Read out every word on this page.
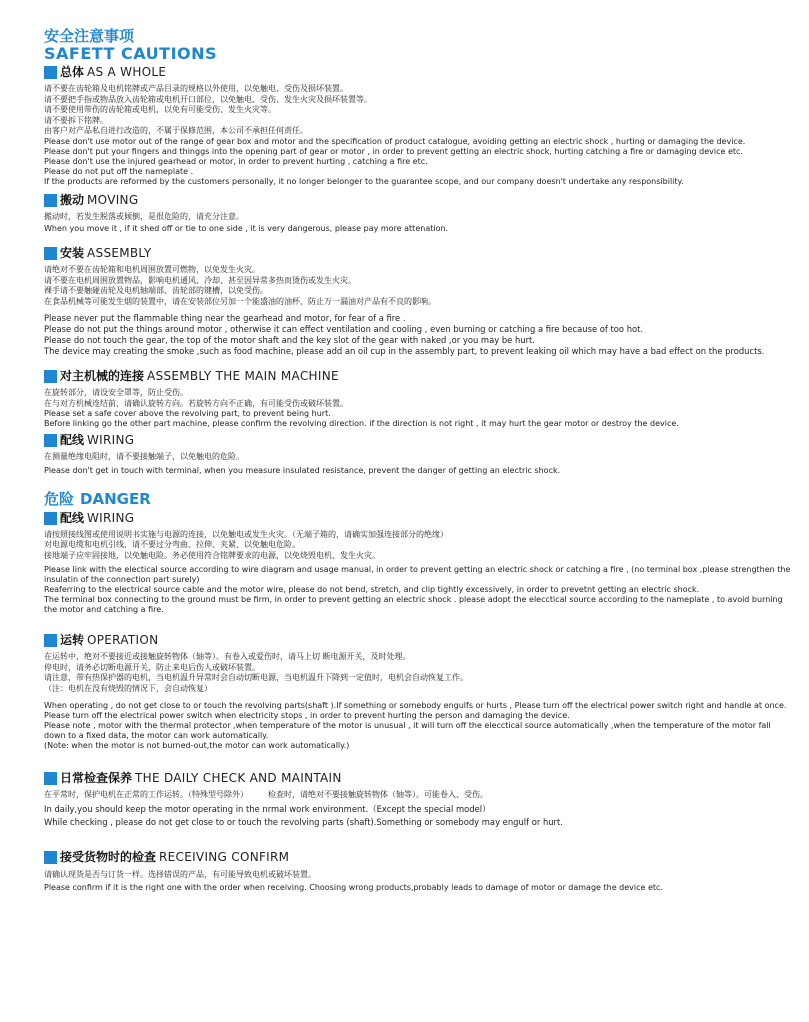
安全注意事项
SAFETT CAUTIONS
总体 AS A WHOLE
请不要在齿轮箱及电机铭牌或产品目录的规格以外使用，以免触电、受伤及损坏装置。
请不要把手指或物品放入齿轮箱或电机开口部位，以免触电、受伤、发生火灾及损坏装置等。
请不要使用带伤的齿轮箱或电机，以免有可能受伤、发生火灾等。
请不要拆下铭牌。
由客户对产品私自进行改造的，不属于保修范围，本公司不承担任何责任。
Please don't use motor out of the range of gear box and motor and the specification of product catalogue, avoiding getting an electric shock , hurting or damaging the device.
Please don't put your fingers and thinggs into the opening part of gear or motor , in order to prevent getting an electric shock, hurting catching a fire or damaging device etc.
Please don't use the injured gearhead or motor, in order to prevent hurting , catching a fire etc.
Please do not put off the nameplate .
If the products are reformed by the customers personally, it no longer belonger to the guarantee scope, and our company doesn't undertake any responsibility.
搬动 MOVING
搬动时，若发生脱落或倾倒，是很危险的，请充分注意。
When you move it , if it shed off or tie to one side , it is very dangerous, please pay more attenation.
安装 ASSEMBLY
请绝对不要在齿轮箱和电机周围放置可燃物，以免发生火灾。
请不要在电机周围放置物品，影响电机通风、冷却、甚至因异常多热而烫伤或发生火灾。
裸手请不要触碰齿轮及电机轴端部、齿轮部的键槽，以免受伤。
在食品机械等可能发生烟的装置中，请在安装部位另加一个能盛油的油杯，防止万一漏油对产品有不良的影响。
Please never put the flammable thing near the gearhead and motor, for fear of a fire .
Please do not put the things around motor , otherwise it can effect ventilation and cooling , even burning or catching a fire because of too hot.
Please do not touch the gear, the top of the motor shaft and the key slot of the gear with naked ,or you may be hurt.
The device may creating the smoke ,such as food machine, please add an oil cup in the assembly part, to prevent leaking oil which may have a bad effect on the products.
对主机械的连接 ASSEMBLY THE MAIN MACHINE
在旋转部分，请设安全罩等，防止受伤。
在与对方机械连结前，请确认旋转方向。若旋转方向不正确，有可能受伤或破坏装置。
Please set a safe cover above the revolving part, to prevent being hurt.
Before linking go the other part machine, please confirm the revolving direction. if the direction is not right , it may hurt the gear motor or destroy the device.
配线 WIRING
在测量绝缘电阻时，请不要接触端子，以免触电的危险。
Please don't get in touch with terminal, when you measure insulated resistance, prevent the danger of getting an electric shock.
危险 DANGER
配线 WIRING
请按照接线图或使用说明书实施与电源的连接，以免触电或发生火灾。（无端子箱的，请确实加强连接部分的绝缘）
对电源电缆和电机引线，请不要过分弯曲、拉伸、夹紧、以免触电危险。
接地端子应牢固接地，以免触电险。务必使用符合铭牌要求的电源，以免烧毁电机、发生火灾。
Please link with the electical source according to wire diagram and usage manual, in order to prevent getting an electric shock or catching a fire , (no terminal box ,please strengthen the insulatin of the connection part surely)
Reaferring to the electrical source cable and the motor wire, please do not bend, stretch, and clip tightly excessively, in order to prevetnt getting an electric shock.
The terminal box connecting to the ground must be firm, in order to prevent getting an electric shock . please adopt the elecctical source according to the nameplate , to avoid burning the motor and catching a fire.
运转 OPERATION
在运转中，绝对不要接近或接触旋转物体（轴等）。有卷入或爱伤时，请马上切 断电源开关，及时处理。
停电时，请务必切断电源开关，防止来电后伤人或破坏装置。
请注意，带有热保护器的电机，当电机温升异常时会自动切断电源，当电机温升下降到一定值时，电机会自动恢复工作。
（注：电机在没有烧毁的情况下，会自动恢复）
When operating , do not get close to or touch the revolving parts(shaft ).If something or somebody engulfs or hurts , Please turn off the electrical power switch right and handle at once.
Please turn off the electrical power switch when electricity stops , in order to prevent hurting the person and damaging the device.
Please note , motor with the thermal protector ,when temperature of the motor is unusual , it will turn off the elecctical source automatically ,when the temperature of the motor fall down to a fixed data, the motor can work automatically.
(Note: when the motor is not burned-out,the motor can work automatically.)
日常检查保养 THE DAILY CHECK AND MAINTAIN
在平常时，保护电机在正常的工作运转。（特殊型号除外）	检查时，请绝对不要接触旋转物体（轴等）。可能卷入、受伤。
In daily,you should keep the motor operating in the nrmal work environment.（Except the special model）
While checking , please do not get close to or touch the revolving parts (shaft).Something or somebody may engulf or hurt.
接受货物时的检查 RECEIVING CONFIRM
请确认现货是否与订货一样。选择错误的产品，有可能导致电机或破坏装置。
Please confirm if it is the right one with the order when receiving. Choosing wrong products,probably leads to damage of motor or damage the device etc.
